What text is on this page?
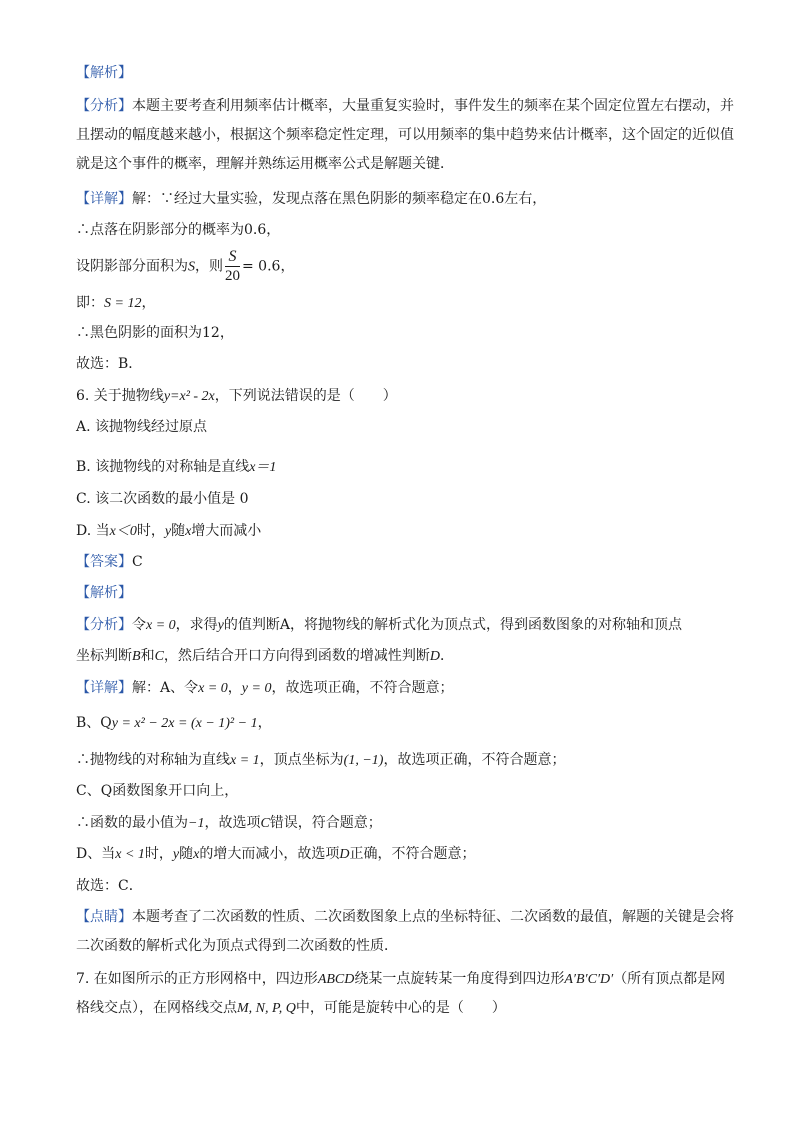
【解析】
【分析】本题主要考查利用频率估计概率，大量重复实验时，事件发生的频率在某个固定位置左右摆动，并且摆动的幅度越来越小，根据这个频率稳定性定理，可以用频率的集中趋势来估计概率，这个固定的近似值就是这个事件的概率，理解并熟练运用概率公式是解题关键．
【详解】解：∵经过大量实验，发现点落在黑色阴影的频率稳定在0.6左右，
∴点落在阴影部分的概率为0.6，
设阴影部分面积为S，则 $\frac{S}{20} = 0.6$，
即：S = 12，
∴黑色阴影的面积为12，
故选：B．
6. 关于抛物线y=x² - 2x，下列说法错误的是（　　）
A. 该抛物线经过原点
B. 该抛物线的对称轴是直线x＝1
C. 该二次函数的最小值是 0
D. 当x＜0时，y随x增大而减小
【答案】C
【解析】
【分析】令x = 0，求得y的值判断A，将抛物线的解析式化为顶点式，得到函数图象的对称轴和顶点
坐标判断B和C，然后结合开口方向得到函数的增减性判断D．
【详解】解：A、令x = 0，y = 0，故选项正确，不符合题意；
B、Qy = x² − 2x = (x − 1)² − 1，
∴抛物线的对称轴为直线x = 1，顶点坐标为(1, −1)，故选项正确，不符合题意；
C、Q函数图象开口向上，
∴函数的最小值为−1，故选项C错误，符合题意；
D、当x < 1时，y随x的增大而减小，故选项D正确，不符合题意；
故选：C．
【点睛】本题考查了二次函数的性质、二次函数图象上点的坐标特征、二次函数的最值，解题的关键是会将二次函数的解析式化为顶点式得到二次函数的性质．
7. 在如图所示的正方形网格中，四边形ABCD绕某一点旋转某一角度得到四边形A′B′C′D′（所有顶点都是网格线交点），在网格线交点M, N, P, Q中，可能是旋转中心的是（　　）
